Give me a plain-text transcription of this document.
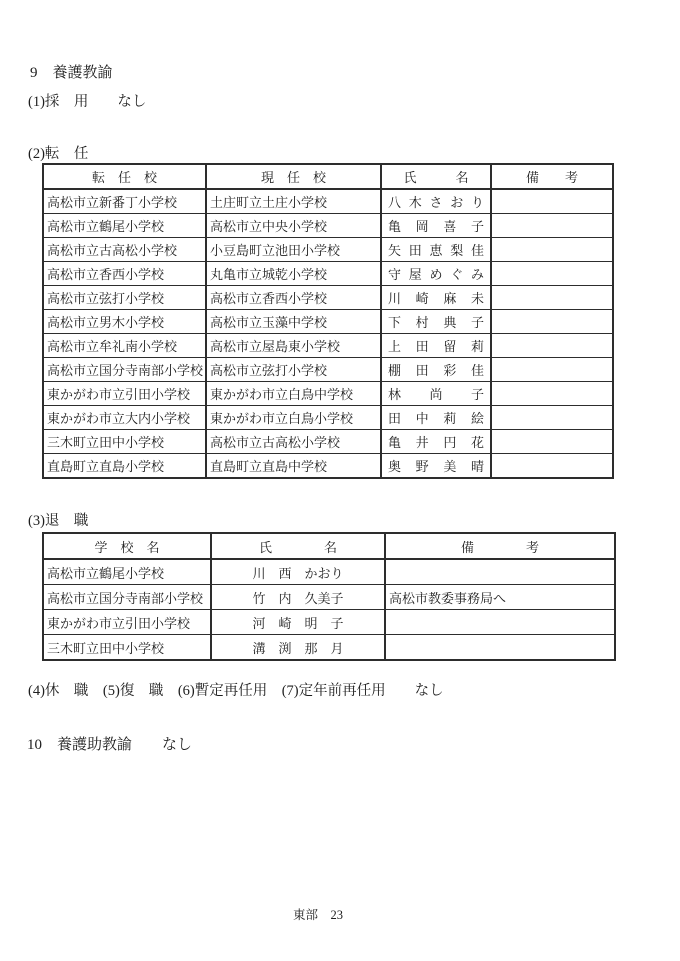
9　養護教諭
(1)採　用　　なし
(2)転　任
転　任　校	現　任　校	氏　　　名	備　　考
高松市立新番丁小学校	土庄町立土庄小学校	八 木 さ お り	
高松市立鶴尾小学校	高松市立中央小学校	亀 岡 喜 子	
高松市立古高松小学校	小豆島町立池田小学校	矢 田 恵 梨 佳	
高松市立香西小学校	丸亀市立城乾小学校	守 屋 め ぐ み	
高松市立弦打小学校	高松市立香西小学校	川 崎 麻 未	
高松市立男木小学校	高松市立玉藻中学校	下 村 典 子	
高松市立牟礼南小学校	高松市立屋島東小学校	上 田 留 莉	
高松市立国分寺南部小学校	高松市立弦打小学校	棚 田 彩 佳	
東かがわ市立引田小学校	東かがわ市立白鳥中学校	林 尚 子	
東かがわ市立大内小学校	東かがわ市立白鳥小学校	田 中 莉 絵	
三木町立田中小学校	高松市立古高松小学校	亀 井 円 花	
直島町立直島小学校	直島町立直島中学校	奥 野 美 晴	
(3)退　職
学　校　名	氏　　　　名	備　　　　考
高松市立鶴尾小学校	川　西　かおり	
高松市立国分寺南部小学校	竹　内　久美子	高松市教委事務局へ
東かがわ市立引田小学校	河　崎　明　子	
三木町立田中小学校	溝　渕　那　月	
(4)休　職　(5)復　職　(6)暫定再任用　(7)定年前再任用　　なし
10　養護助教諭　　なし
東部　23
